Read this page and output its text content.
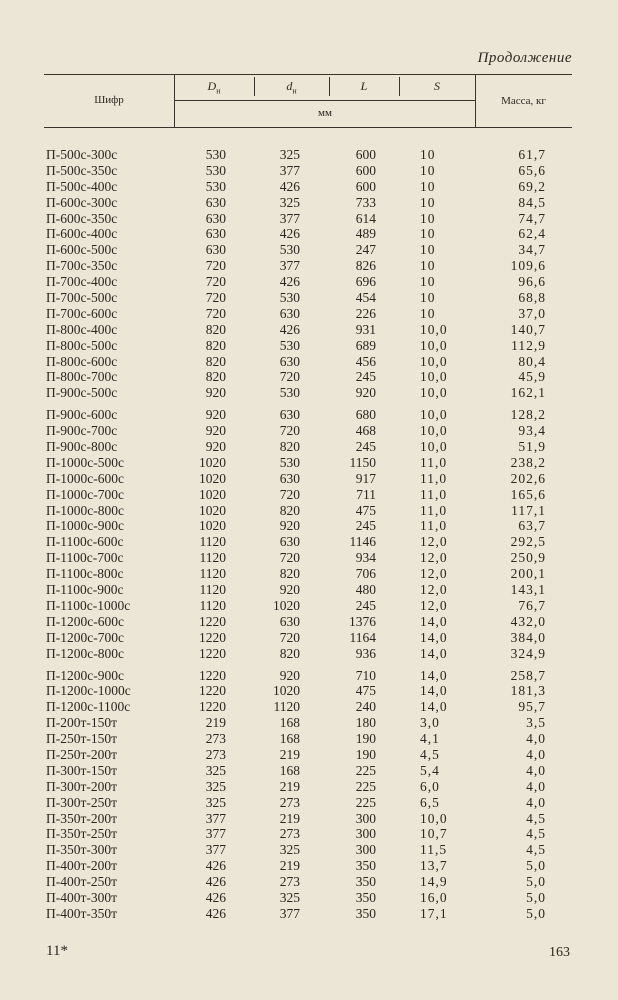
Продолжение
Шифр
$D_н$	$d_н$	L	S
мм
Масса, кг
П-500с-300с	530	325	600	10	61,7
П-500с-350с	530	377	600	10	65,6
П-500с-400с	530	426	600	10	69,2
П-600с-300с	630	325	733	10	84,5
П-600с-350с	630	377	614	10	74,7
П-600с-400с	630	426	489	10	62,4
П-600с-500с	630	530	247	10	34,7
П-700с-350с	720	377	826	10	109,6
П-700с-400с	720	426	696	10	96,6
П-700с-500с	720	530	454	10	68,8
П-700с-600с	720	630	226	10	37,0
П-800с-400с	820	426	931	10,0	140,7
П-800с-500с	820	530	689	10,0	112,9
П-800с-600с	820	630	456	10,0	80,4
П-800с-700с	820	720	245	10,0	45,9
П-900с-500с	920	530	920	10,0	162,1
П-900с-600с	920	630	680	10,0	128,2
П-900с-700с	920	720	468	10,0	93,4
П-900с-800с	920	820	245	10,0	51,9
П-1000с-500с	1020	530	1150	11,0	238,2
П-1000с-600с	1020	630	917	11,0	202,6
П-1000с-700с	1020	720	711	11,0	165,6
П-1000с-800с	1020	820	475	11,0	117,1
П-1000с-900с	1020	920	245	11,0	63,7
П-1100с-600с	1120	630	1146	12,0	292,5
П-1100с-700с	1120	720	934	12,0	250,9
П-1100с-800с	1120	820	706	12,0	200,1
П-1100с-900с	1120	920	480	12,0	143,1
П-1100с-1000с	1120	1020	245	12,0	76,7
П-1200с-600с	1220	630	1376	14,0	432,0
П-1200с-700с	1220	720	1164	14,0	384,0
П-1200с-800с	1220	820	936	14,0	324,9
П-1200с-900с	1220	920	710	14,0	258,7
П-1200с-1000с	1220	1020	475	14,0	181,3
П-1200с-1100с	1220	1120	240	14,0	95,7
П-200т-150т	219	168	180	3,0	3,5
П-250т-150т	273	168	190	4,1	4,0
П-250т-200т	273	219	190	4,5	4,0
П-300т-150т	325	168	225	5,4	4,0
П-300т-200т	325	219	225	6,0	4,0
П-300т-250т	325	273	225	6,5	4,0
П-350т-200т	377	219	300	10,0	4,5
П-350т-250т	377	273	300	10,7	4,5
П-350т-300т	377	325	300	11,5	4,5
П-400т-200т	426	219	350	13,7	5,0
П-400т-250т	426	273	350	14,9	5,0
П-400т-300т	426	325	350	16,0	5,0
П-400т-350т	426	377	350	17,1	5,0
11*	163
